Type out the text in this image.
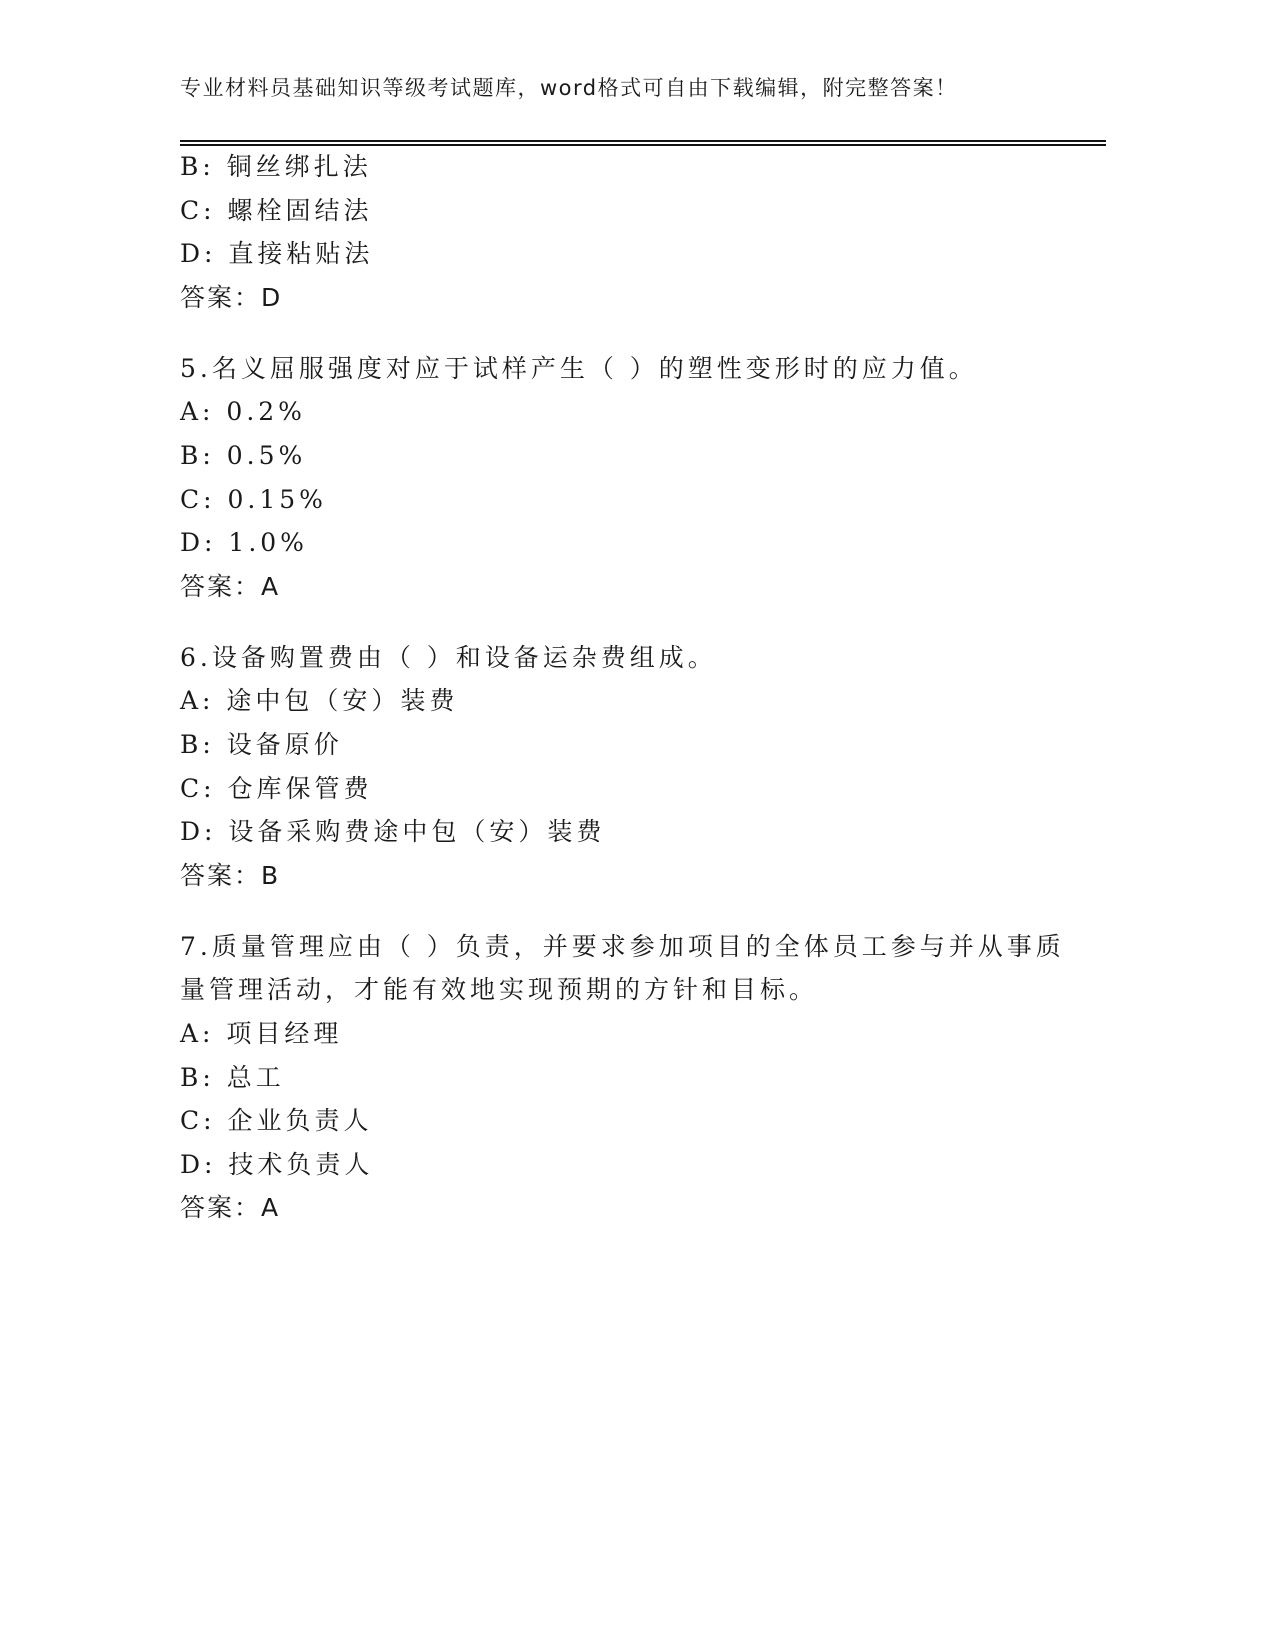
专业材料员基础知识等级考试题库，word格式可自由下载编辑，附完整答案！
B: 铜丝绑扎法
C: 螺栓固结法
D: 直接粘贴法
答案：D
5.名义屈服强度对应于试样产生（ ）的塑性变形时的应力值。
A: 0.2%
B: 0.5%
C: 0.15%
D: 1.0%
答案：A
6.设备购置费由（ ）和设备运杂费组成。
A: 途中包（安）装费
B: 设备原价
C: 仓库保管费
D: 设备采购费途中包（安）装费
答案：B
7.质量管理应由（ ）负责，并要求参加项目的全体员工参与并从事质
量管理活动，才能有效地实现预期的方针和目标。
A: 项目经理
B: 总工
C: 企业负责人
D: 技术负责人
答案：A
